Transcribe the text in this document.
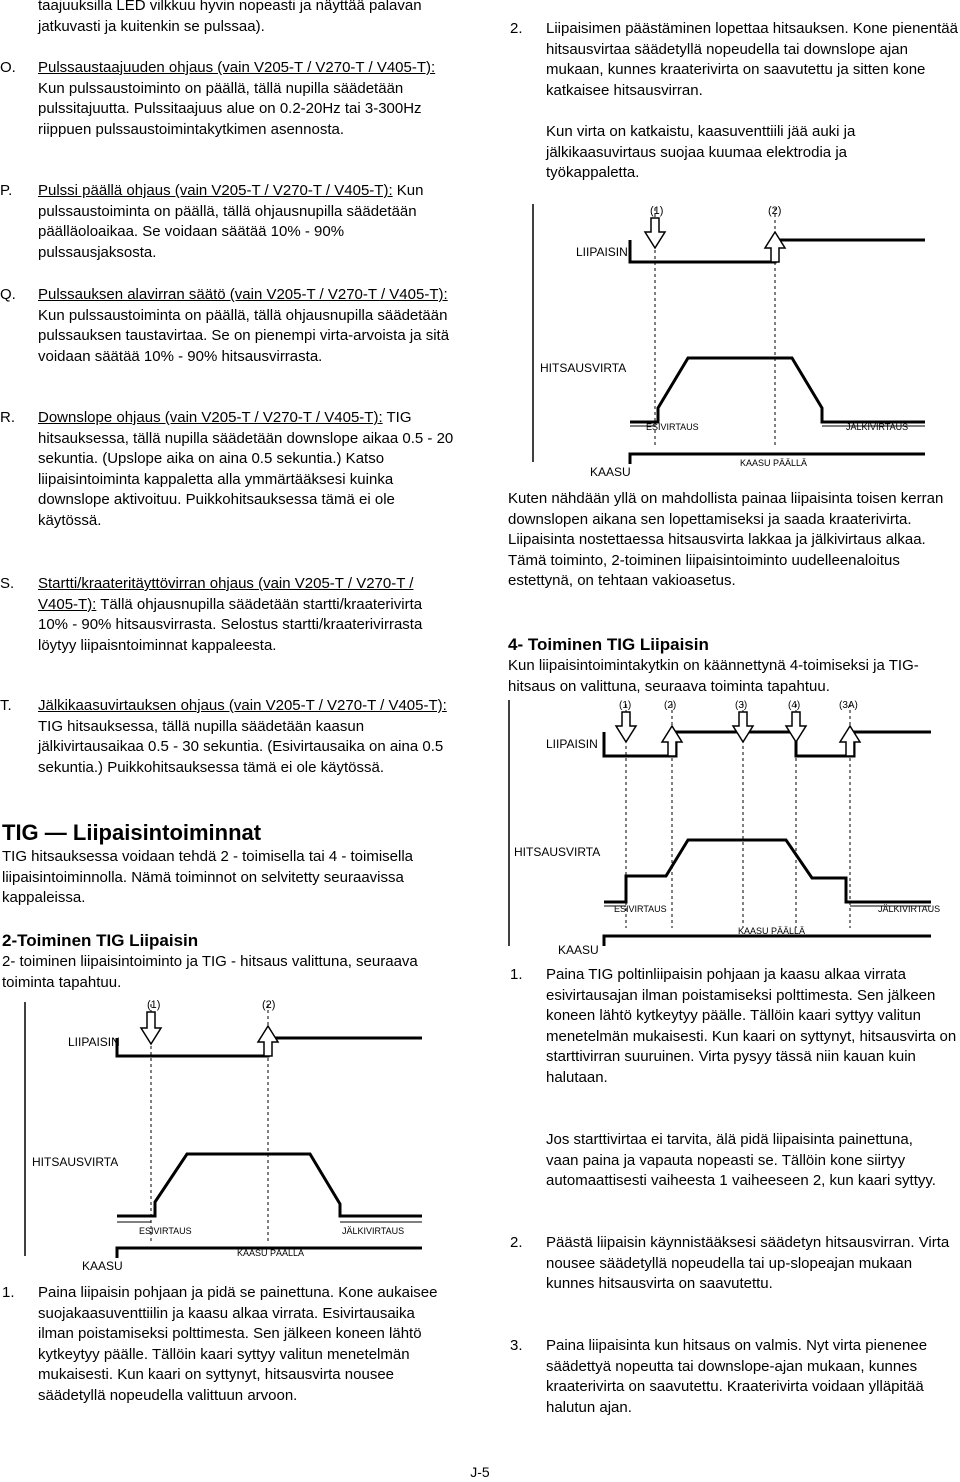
taajuuksilla LED vilkkuu hyvin nopeasti ja näyttää palavan jatkuvasti ja kuitenkin se pulssaa).
O. Pulssaustaajuuden ohjaus (vain V205-T / V270-T / V405-T): Kun pulssaustoiminto on päällä, tällä nupilla säädetään pulssitajuutta. Pulssitaajuus alue on 0.2-20Hz tai 3-300Hz riippuen pulssaustoimintakytkimen asennosta.
P. Pulssi päällä ohjaus (vain V205-T / V270-T / V405-T): Kun pulssaustoiminta on päällä, tällä ohjausnupilla säädetään päälläoloaikaa. Se voidaan säätää 10% - 90% pulssausjaksosta.
Q. Pulssauksen alavirran säätö (vain V205-T / V270-T / V405-T): Kun pulssaustoiminta on päällä, tällä ohjausnupilla säädetään pulssauksen taustavirtaa. Se on pienempi virta-arvoista ja sitä voidaan säätää 10% - 90% hitsausvirrasta.
R. Downslope ohjaus (vain V205-T / V270-T / V405-T): TIG hitsauksessa, tällä nupilla säädetään downslope aikaa 0.5 - 20 sekuntia. (Upslope aika on aina 0.5 sekuntia.) Katso liipaisintoiminta kappaletta alla ymmärtääksesi kuinka downslope aktivoituu. Puikkohitsauksessa tämä ei ole käytössä.
S. Startti/kraateritäyttövirran ohjaus (vain V205-T / V270-T / V405-T): Tällä ohjausnupilla säädetään startti/kraaterivirta 10% - 90% hitsausvirrasta. Selostus startti/kraaterivirrasta löytyy liipaisntoiminnat kappaleesta.
T. Jälkikaasuvirtauksen ohjaus (vain V205-T / V270-T / V405-T): TIG hitsauksessa, tällä nupilla säädetään kaasun jälkivirtausaikaa 0.5 - 30 sekuntia. (Esivirtausaika on aina 0.5 sekuntia.) Puikkohitsauksessa tämä ei ole käytössä.
TIG — Liipaisintoiminnat
TIG hitsauksessa voidaan tehdä 2 - toimisella tai 4 - toimisella liipaisintoiminnolla. Nämä toiminnot on selvitetty seuraavissa kappaleissa.
2-Toiminen TIG Liipaisin
2- toiminen liipaisintoiminto ja TIG - hitsaus valittuna, seuraava toiminta tapahtuu.
1. Paina liipaisin pohjaan ja pidä se painettuna. Kone aukaisee suojakaasuventtiilin ja kaasu alkaa virrata. Esivirtausaika ilman poistamiseksi polttimesta. Sen jälkeen koneen lähtö kytkeytyy päälle. Tällöin kaari syttyy valitun menetelmän mukaisesti. Kun kaari on syttynyt, hitsausvirta nousee säädetyllä nopeudella valittuun arvoon.
(1)	(2)
LIIPAISIN
HITSAUSVIRTA
ESIVIRTAUS	JÄLKIVIRTAUS
KAASU PÄÄLLÄ
KAASU
2. Liipaisimen päästäminen lopettaa hitsauksen. Kone pienentää hitsausvirtaa säädetyllä nopeudella tai downslope ajan mukaan, kunnes kraaterivirta on saavutettu ja sitten kone katkaisee hitsausvirran.
Kun virta on katkaistu, kaasuventtiili jää auki ja jälkikaasuvirtaus suojaa kuumaa elektrodia ja työkappaletta.
Kuten nähdään yllä on mahdollista painaa liipaisinta toisen kerran downslopen aikana sen lopettamiseksi ja saada kraaterivirta. Liipaisinta nostettaessa hitsausvirta lakkaa ja jälkivirtaus alkaa. Tämä toiminto, 2-toiminen liipaisintoiminto uudelleenaloitus estettynä, on tehtaan vakioasetus.
4- Toiminen TIG Liipaisin
Kun liipaisintoimintakytkin on käännettynä 4-toimiseksi ja TIG-hitsaus on valittuna, seuraava toiminta tapahtuu.
1. Paina TIG poltinliipaisin pohjaan ja kaasu alkaa virrata esivirtausajan ilman poistamiseksi polttimesta. Sen jälkeen koneen lähtö kytkeytyy päälle. Tällöin kaari syttyy valitun menetelmän mukaisesti. Kun kaari on syttynyt, hitsausvirta on starttivirran suuruinen. Virta pysyy tässä niin kauan kuin halutaan.
Jos starttivirtaa ei tarvita, älä pidä liipaisinta painettuna, vaan paina ja vapauta nopeasti se. Tällöin kone siirtyy automaattisesti vaiheesta 1 vaiheeseen 2, kun kaari syttyy.
2. Päästä liipaisin käynnistääksesi säädetyn hitsausvirran. Virta nousee säädetyllä nopeudella tai up-slopeajan mukaan kunnes hitsausvirta on saavutettu.
3. Paina liipaisinta kun hitsaus on valmis. Nyt virta pienenee säädettyä nopeutta tai downslope-ajan mukaan, kunnes kraaterivirta on saavutettu. Kraaterivirta voidaan ylläpitää halutun ajan.
(1)	(2)
LIIPAISIN
HITSAUSVIRTA
ESIVIRTAUS	JÄLKIVIRTAUS
KAASU PÄÄLLÄ
KAASU
(1)	(2)	(3)	(4)	(3A)
LIIPAISIN
HITSAUSVIRTA
ESIVIRTAUS	JÄLKIVIRTAUS
KAASU PÄÄLLÄ
KAASU
J-5
